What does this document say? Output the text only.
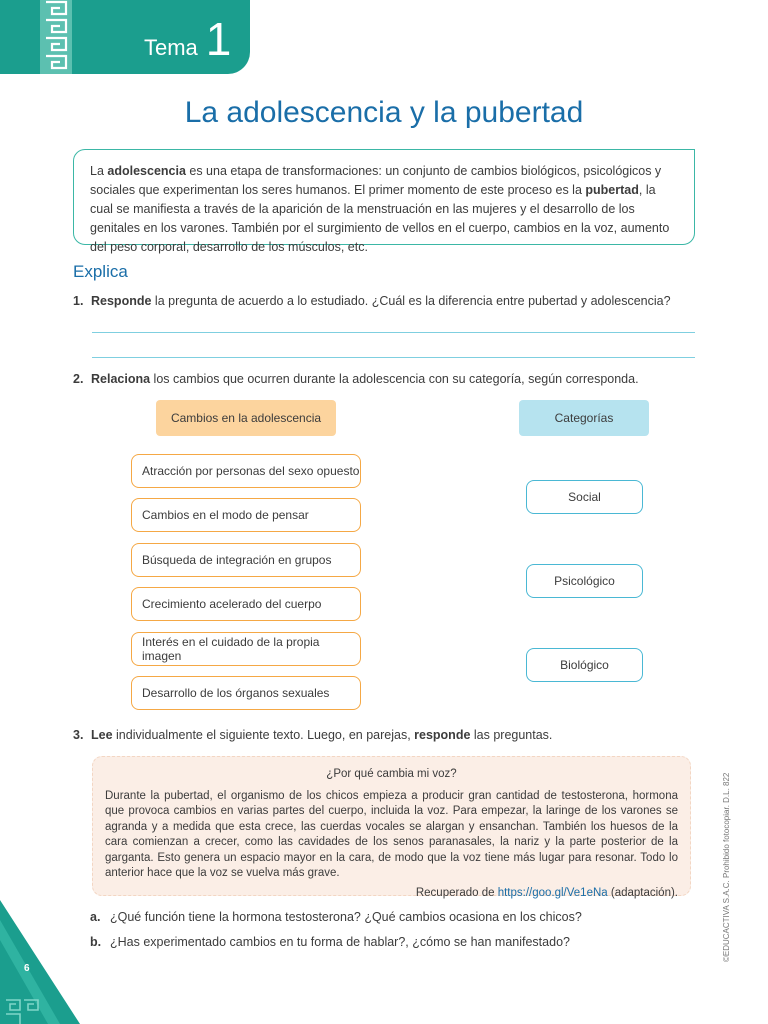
Tema 1
La adolescencia y la pubertad
La adolescencia es una etapa de transformaciones: un conjunto de cambios biológicos, psicológicos y sociales que experimentan los seres humanos. El primer momento de este proceso es la pubertad, la cual se manifiesta a través de la aparición de la menstruación en las mujeres y el desarrollo de los genitales en los varones. También por el surgimiento de vellos en el cuerpo, cambios en la voz, aumento del peso corporal, desarrollo de los músculos, etc.
Explica
1. Responde la pregunta de acuerdo a lo estudiado. ¿Cuál es la diferencia entre pubertad y adolescencia?
2. Relaciona los cambios que ocurren durante la adolescencia con su categoría, según corresponda.
Cambios en la adolescencia	Categorías
Atracción por personas del sexo opuesto
Cambios en el modo de pensar
Búsqueda de integración en grupos
Crecimiento acelerado del cuerpo
Interés en el cuidado de la propia imagen
Desarrollo de los órganos sexuales
Social
Psicológico
Biológico
3. Lee individualmente el siguiente texto. Luego, en parejas, responde las preguntas.
¿Por qué cambia mi voz?
Durante la pubertad, el organismo de los chicos empieza a producir gran cantidad de testosterona, hormona que provoca cambios en varias partes del cuerpo, incluida la voz. Para empezar, la laringe de los varones se agranda y a medida que esta crece, las cuerdas vocales se alargan y ensanchan. También los huesos de la cara comienzan a crecer, como las cavidades de los senos paranasales, la nariz y la parte posterior de la garganta. Esto genera un espacio mayor en la cara, de modo que la voz tiene más lugar para resonar. Todo lo anterior hace que la voz se vuelva más grave.
Recuperado de https://goo.gl/Ve1eNa (adaptación).
a. ¿Qué función tiene la hormona testosterona? ¿Qué cambios ocasiona en los chicos?
b. ¿Has experimentado cambios en tu forma de hablar?, ¿cómo se han manifestado?	©EDUCACTIVA S.A.C. Prohibido fotocopiar. D.L. 822
6
